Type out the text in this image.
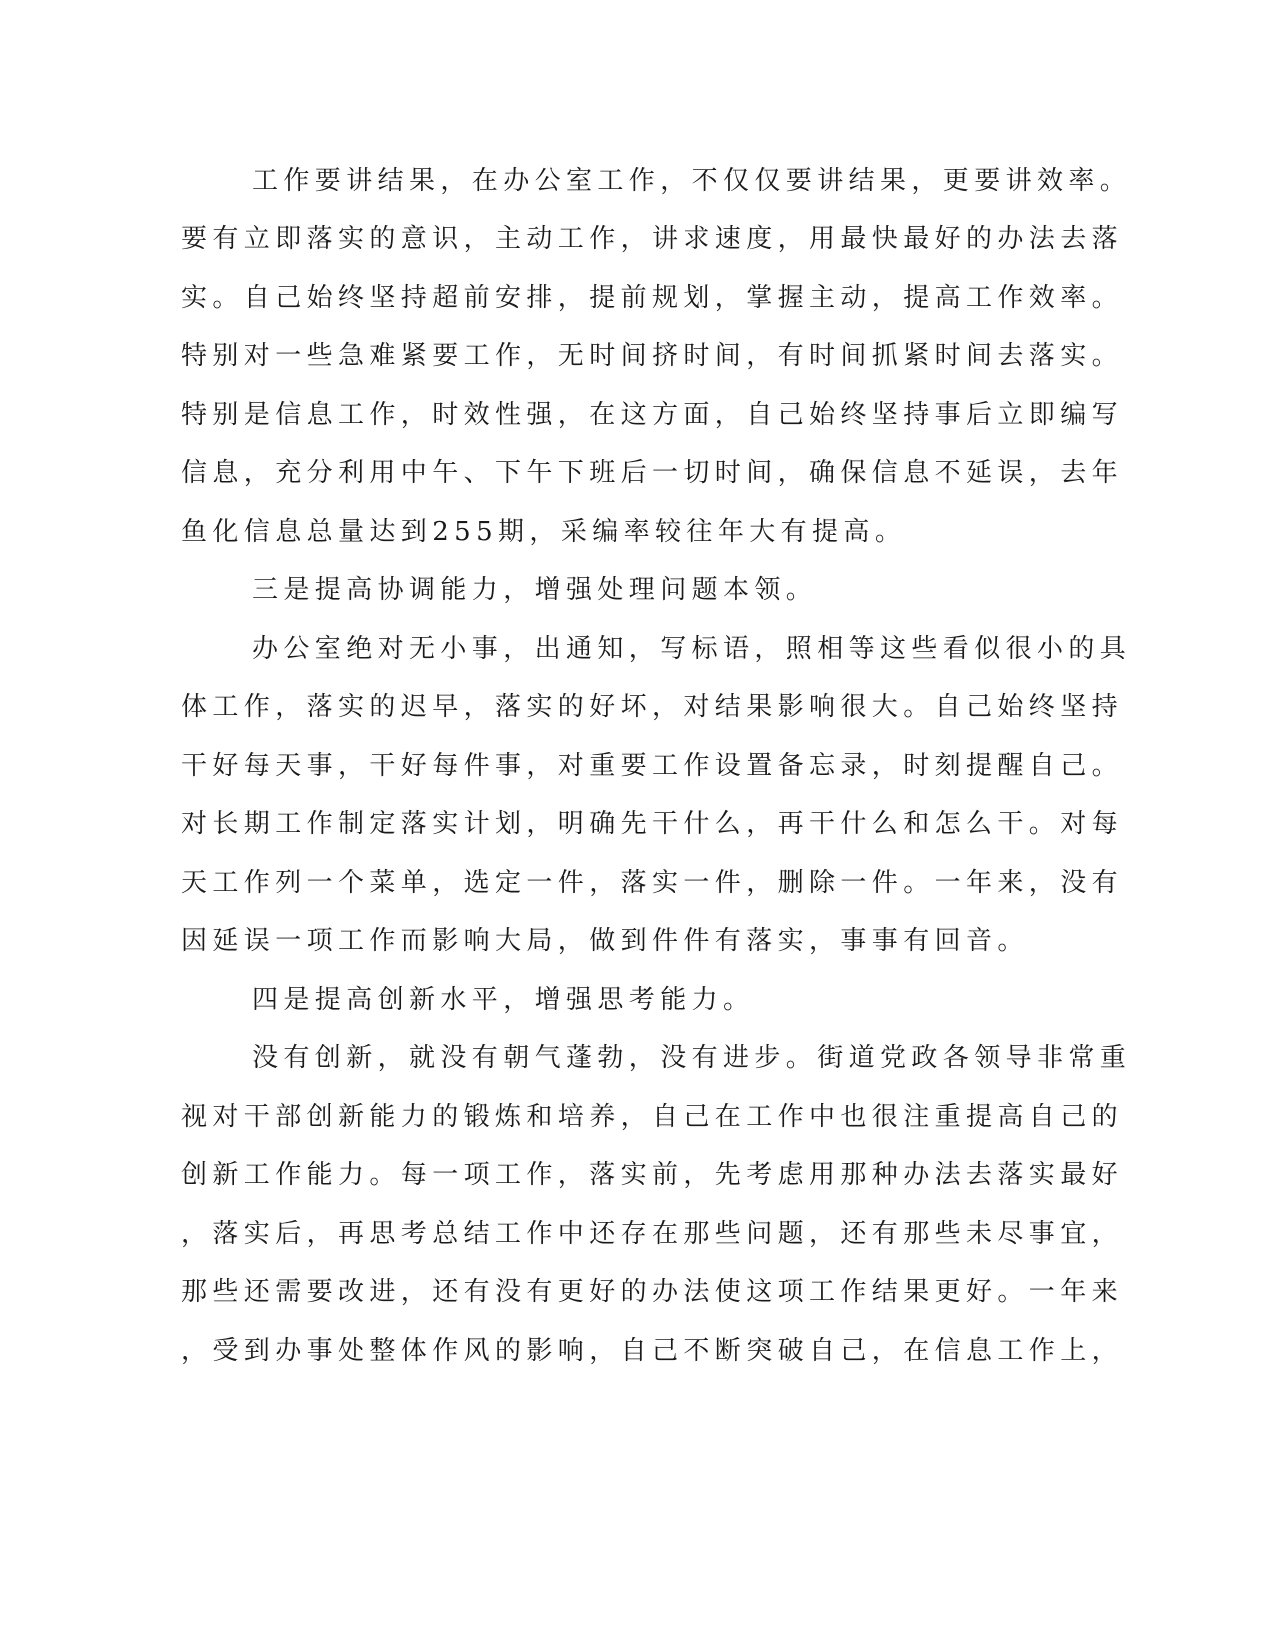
工作要讲结果，在办公室工作，不仅仅要讲结果，更要讲效率。
要有立即落实的意识，主动工作，讲求速度，用最快最好的办法去落
实。自己始终坚持超前安排，提前规划，掌握主动，提高工作效率。
特别对一些急难紧要工作，无时间挤时间，有时间抓紧时间去落实。
特别是信息工作，时效性强，在这方面，自己始终坚持事后立即编写
信息，充分利用中午、下午下班后一切时间，确保信息不延误，去年
鱼化信息总量达到255期，采编率较往年大有提高。
三是提高协调能力，增强处理问题本领。
办公室绝对无小事，出通知，写标语，照相等这些看似很小的具
体工作，落实的迟早，落实的好坏，对结果影响很大。自己始终坚持
干好每天事，干好每件事，对重要工作设置备忘录，时刻提醒自己。
对长期工作制定落实计划，明确先干什么，再干什么和怎么干。对每
天工作列一个菜单，选定一件，落实一件，删除一件。一年来，没有
因延误一项工作而影响大局，做到件件有落实，事事有回音。
四是提高创新水平，增强思考能力。
没有创新，就没有朝气蓬勃，没有进步。街道党政各领导非常重
视对干部创新能力的锻炼和培养，自己在工作中也很注重提高自己的
创新工作能力。每一项工作，落实前，先考虑用那种办法去落实最好
，落实后，再思考总结工作中还存在那些问题，还有那些未尽事宜，
那些还需要改进，还有没有更好的办法使这项工作结果更好。一年来
，受到办事处整体作风的影响，自己不断突破自己，在信息工作上，
